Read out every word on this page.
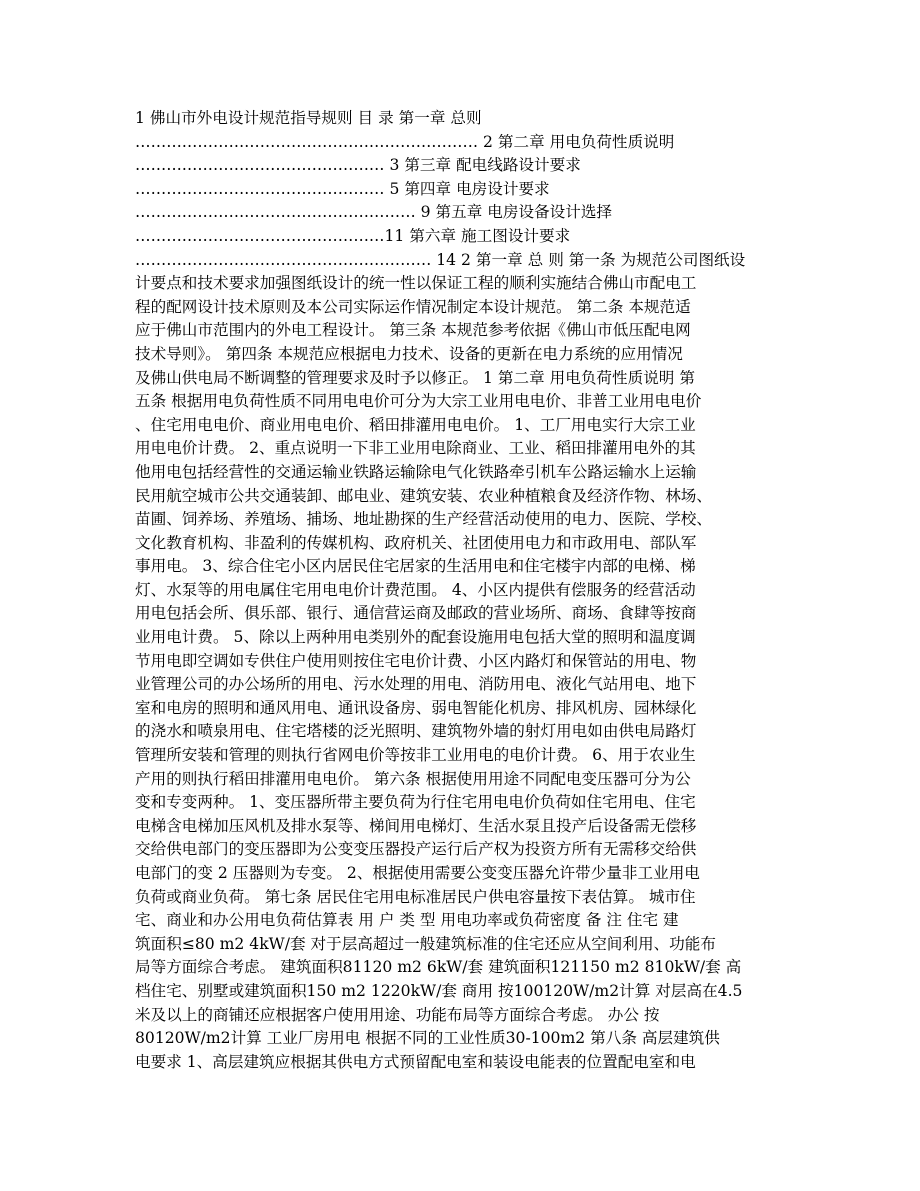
1 佛山市外电设计规范指导规则 目 录 第一章 总则
………………………………………………………… 2 第二章 用电负荷性质说明
………………………………………… 3 第三章 配电线路设计要求
………………………………………… 5 第四章 电房设计要求
……………………………………………… 9 第五章 电房设备设计选择
…………………………………………11 第六章 施工图设计要求
………………………………………………… 14 2 第一章 总 则 第一条 为规范公司图纸设
计要点和技术要求加强图纸设计的统一性以保证工程的顺利实施结合佛山市配电工
程的配网设计技术原则及本公司实际运作情况制定本设计规范。 第二条 本规范适
应于佛山市范围内的外电工程设计。 第三条 本规范参考依据《佛山市低压配电网
技术导则》。 第四条 本规范应根据电力技术、设备的更新在电力系统的应用情况
及佛山供电局不断调整的管理要求及时予以修正。 1 第二章 用电负荷性质说明 第
五条 根据用电负荷性质不同用电电价可分为大宗工业用电电价、非普工业用电电价
、住宅用电电价、商业用电电价、稻田排灌用电电价。 1、工厂用电实行大宗工业
用电电价计费。 2、重点说明一下非工业用电除商业、工业、稻田排灌用电外的其
他用电包括经营性的交通运输业铁路运输除电气化铁路牵引机车公路运输水上运输
民用航空城市公共交通装卸、邮电业、建筑安装、农业种植粮食及经济作物、林场、
苗圃、饲养场、养殖场、捕场、地址勘探的生产经营活动使用的电力、医院、学校、
文化教育机构、非盈利的传媒机构、政府机关、社团使用电力和市政用电、部队军
事用电。 3、综合住宅小区内居民住宅居家的生活用电和住宅楼宇内部的电梯、梯
灯、水泵等的用电属住宅用电电价计费范围。 4、小区内提供有偿服务的经营活动
用电包括会所、俱乐部、银行、通信营运商及邮政的营业场所、商场、食肆等按商
业用电计费。 5、除以上两种用电类别外的配套设施用电包括大堂的照明和温度调
节用电即空调如专供住户使用则按住宅电价计费、小区内路灯和保管站的用电、物
业管理公司的办公场所的用电、污水处理的用电、消防用电、液化气站用电、地下
室和电房的照明和通风用电、通讯设备房、弱电智能化机房、排风机房、园林绿化
的浇水和喷泉用电、住宅塔楼的泛光照明、建筑物外墙的射灯用电如由供电局路灯
管理所安装和管理的则执行省网电价等按非工业用电的电价计费。 6、用于农业生
产用的则执行稻田排灌用电电价。 第六条 根据使用用途不同配电变压器可分为公
变和专变两种。 1、变压器所带主要负荷为行住宅用电电价负荷如住宅用电、住宅
电梯含电梯加压风机及排水泵等、梯间用电梯灯、生活水泵且投产后设备需无偿移
交给供电部门的变压器即为公变变压器投产运行后产权为投资方所有无需移交给供
电部门的变 2 压器则为专变。 2、根据使用需要公变变压器允许带少量非工业用电
负荷或商业负荷。 第七条 居民住宅用电标准居民户供电容量按下表估算。 城市住
宅、商业和办公用电负荷估算表 用 户 类 型 用电功率或负荷密度 备 注 住宅 建
筑面积≤80 m2 4kW/套 对于层高超过一般建筑标准的住宅还应从空间利用、功能布
局等方面综合考虑。 建筑面积81120 m2 6kW/套 建筑面积121150 m2 810kW/套 高
档住宅、别墅或建筑面积150 m2 1220kW/套 商用 按100120W/m2计算 对层高在4.5
米及以上的商铺还应根据客户使用用途、功能布局等方面综合考虑。 办公 按
80120W/m2计算 工业厂房用电 根据不同的工业性质30-100m2 第八条 高层建筑供
电要求 1、高层建筑应根据其供电方式预留配电室和装设电能表的位置配电室和电
